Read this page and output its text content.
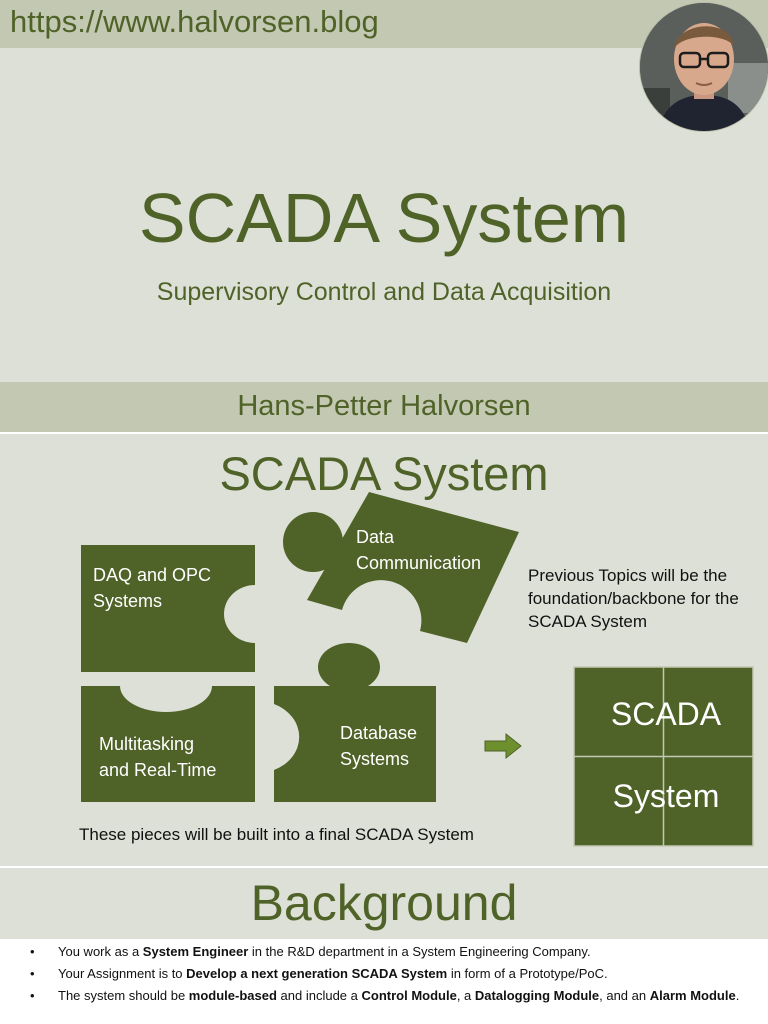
https://www.halvorsen.blog
SCADA System
Supervisory Control and Data Acquisition
Hans-Petter Halvorsen
SCADA System
DAQ and OPC
Systems
Data
Communication
Multitasking
and Real-Time
Database
Systems
Previous Topics will be the foundation/backbone for the SCADA System
These pieces will be built into a final SCADA System
SCADA
System
Background
• You work as a System Engineer in the R&D department in a System Engineering Company.
• Your Assignment is to Develop a next generation SCADA System in form of a Prototype/PoC.
• The system should be module-based and include a Control Module, a Datalogging Module, and an Alarm Module.
